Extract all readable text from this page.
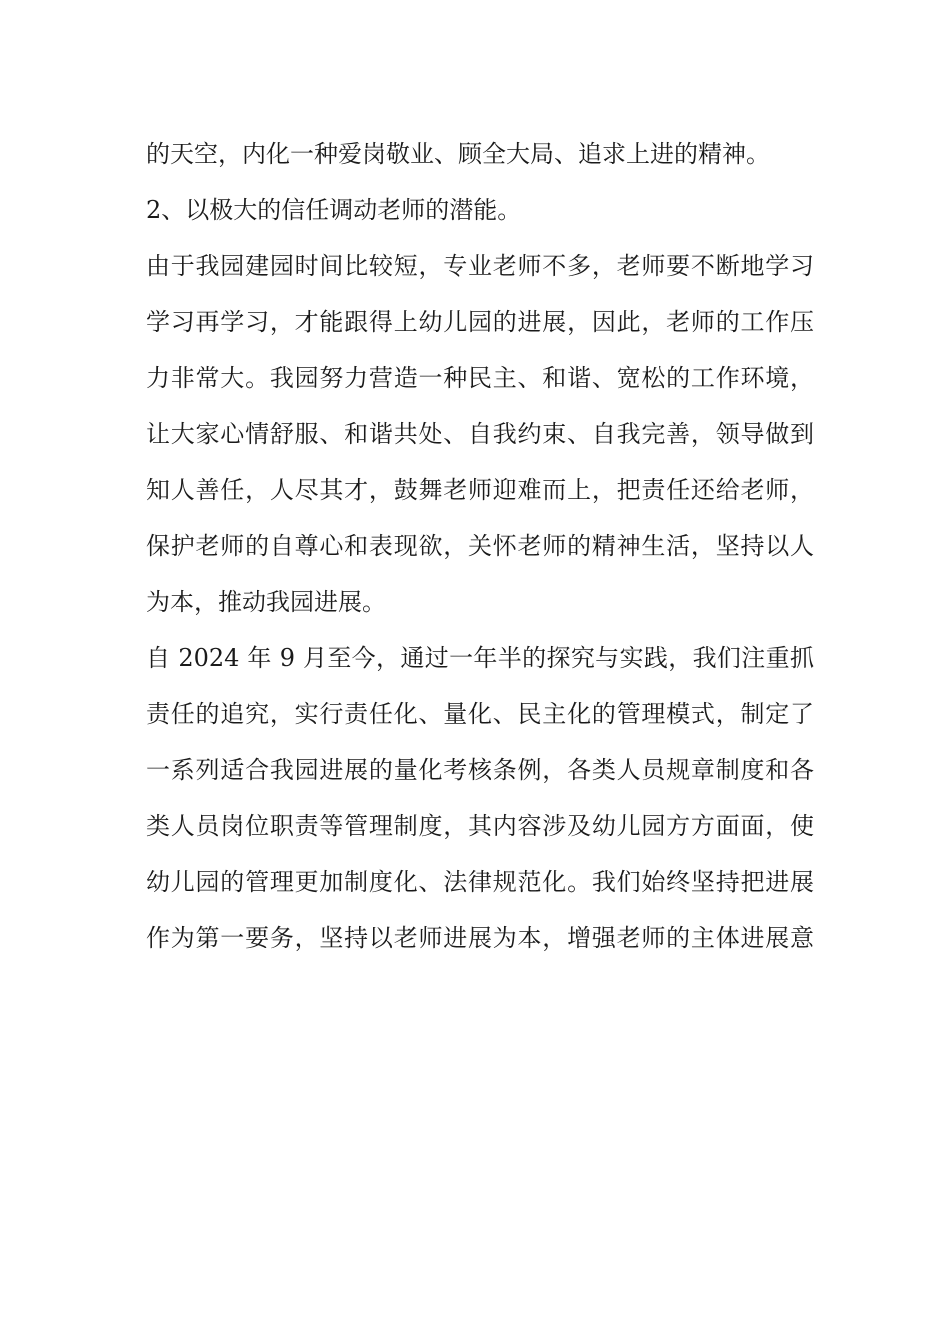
的天空，内化一种爱岗敬业、顾全大局、追求上进的精神。
2、以极大的信任调动老师的潜能。
由于我园建园时间比较短，专业老师不多，老师要不断地学习
学习再学习，才能跟得上幼儿园的进展，因此，老师的工作压
力非常大。我园努力营造一种民主、和谐、宽松的工作环境，
让大家心情舒服、和谐共处、自我约束、自我完善，领导做到
知人善任，人尽其才，鼓舞老师迎难而上，把责任还给老师，
保护老师的自尊心和表现欲，关怀老师的精神生活，坚持以人
为本，推动我园进展。
自 2024 年 9 月至今，通过一年半的探究与实践，我们注重抓
责任的追究，实行责任化、量化、民主化的管理模式，制定了
一系列适合我园进展的量化考核条例，各类人员规章制度和各
类人员岗位职责等管理制度，其内容涉及幼儿园方方面面，使
幼儿园的管理更加制度化、法律规范化。我们始终坚持把进展
作为第一要务，坚持以老师进展为本，增强老师的主体进展意
